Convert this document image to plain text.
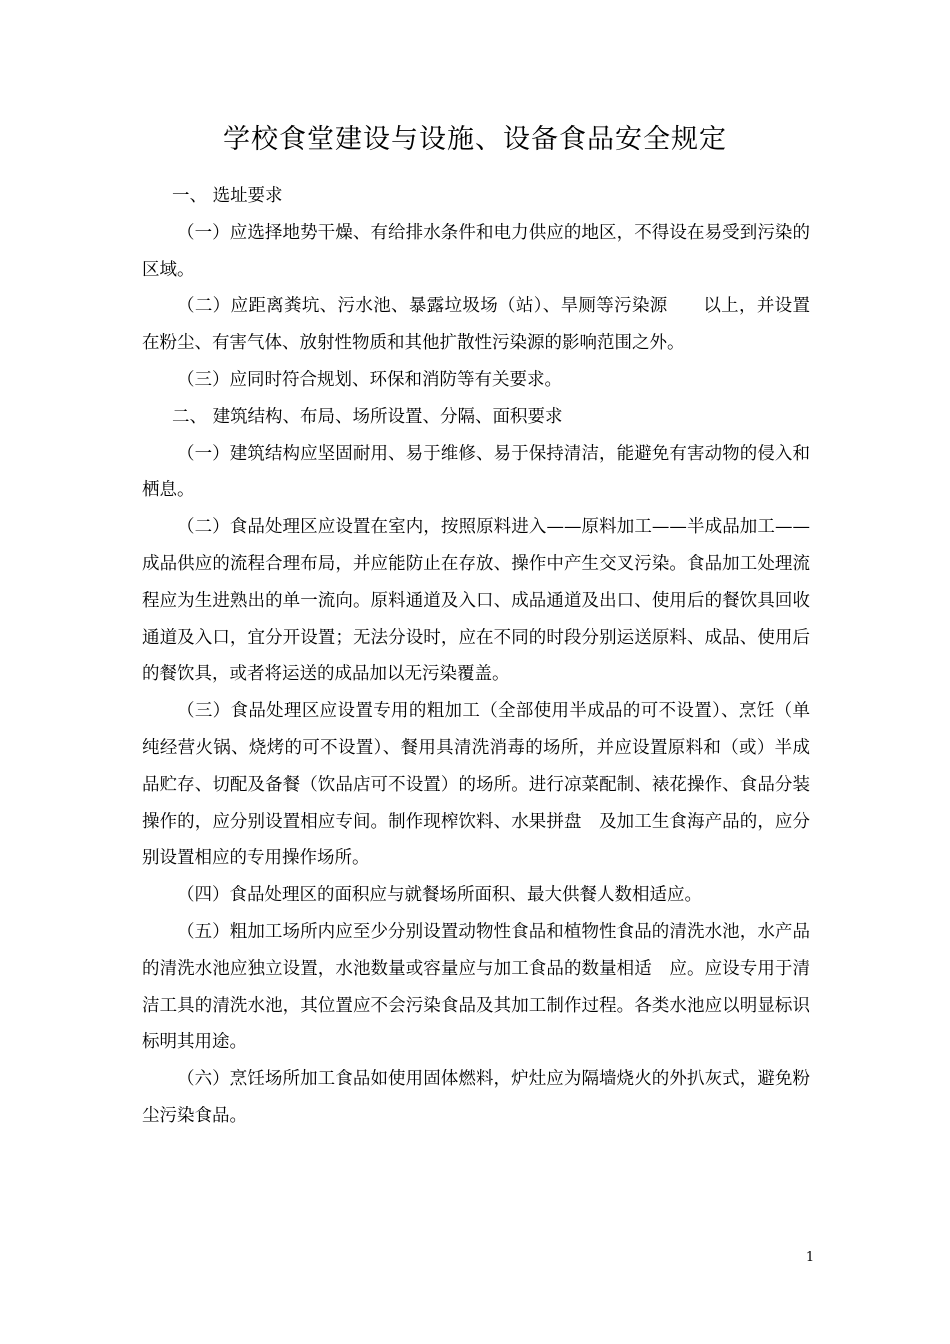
学校食堂建设与设施、设备食品安全规定

一、 选址要求

（一）应选择地势干燥、有给排水条件和电力供应的地区，不得设在易受到污染的区域。

（二）应距离粪坑、污水池、暴露垃圾场（站）、旱厕等污染源　　以上，并设置在粉尘、有害气体、放射性物质和其他扩散性污染源的影响范围之外。

（三）应同时符合规划、环保和消防等有关要求。

二、 建筑结构、布局、场所设置、分隔、面积要求

（一）建筑结构应坚固耐用、易于维修、易于保持清洁，能避免有害动物的侵入和栖息。

（二）食品处理区应设置在室内，按照原料进入——原料加工——半成品加工——成品供应的流程合理布局，并应能防止在存放、操作中产生交叉污染。食品加工处理流程应为生进熟出的单一流向。原料通道及入口、成品通道及出口、使用后的餐饮具回收通道及入口，宜分开设置；无法分设时，应在不同的时段分别运送原料、成品、使用后的餐饮具，或者将运送的成品加以无污染覆盖。

（三）食品处理区应设置专用的粗加工（全部使用半成品的可不设置）、烹饪（单纯经营火锅、烧烤的可不设置）、餐用具清洗消毒的场所，并应设置原料和（或）半成品贮存、切配及备餐（饮品店可不设置）的场所。进行凉菜配制、裱花操作、食品分装操作的，应分别设置相应专间。制作现榨饮料、水果拼盘　及加工生食海产品的，应分别设置相应的专用操作场所。

（四）食品处理区的面积应与就餐场所面积、最大供餐人数相适应。

（五）粗加工场所内应至少分别设置动物性食品和植物性食品的清洗水池，水产品的清洗水池应独立设置，水池数量或容量应与加工食品的数量相适　应。应设专用于清洁工具的清洗水池，其位置应不会污染食品及其加工制作过程。各类水池应以明显标识标明其用途。

（六）烹饪场所加工食品如使用固体燃料，炉灶应为隔墙烧火的外扒灰式，避免粉尘污染食品。

1
